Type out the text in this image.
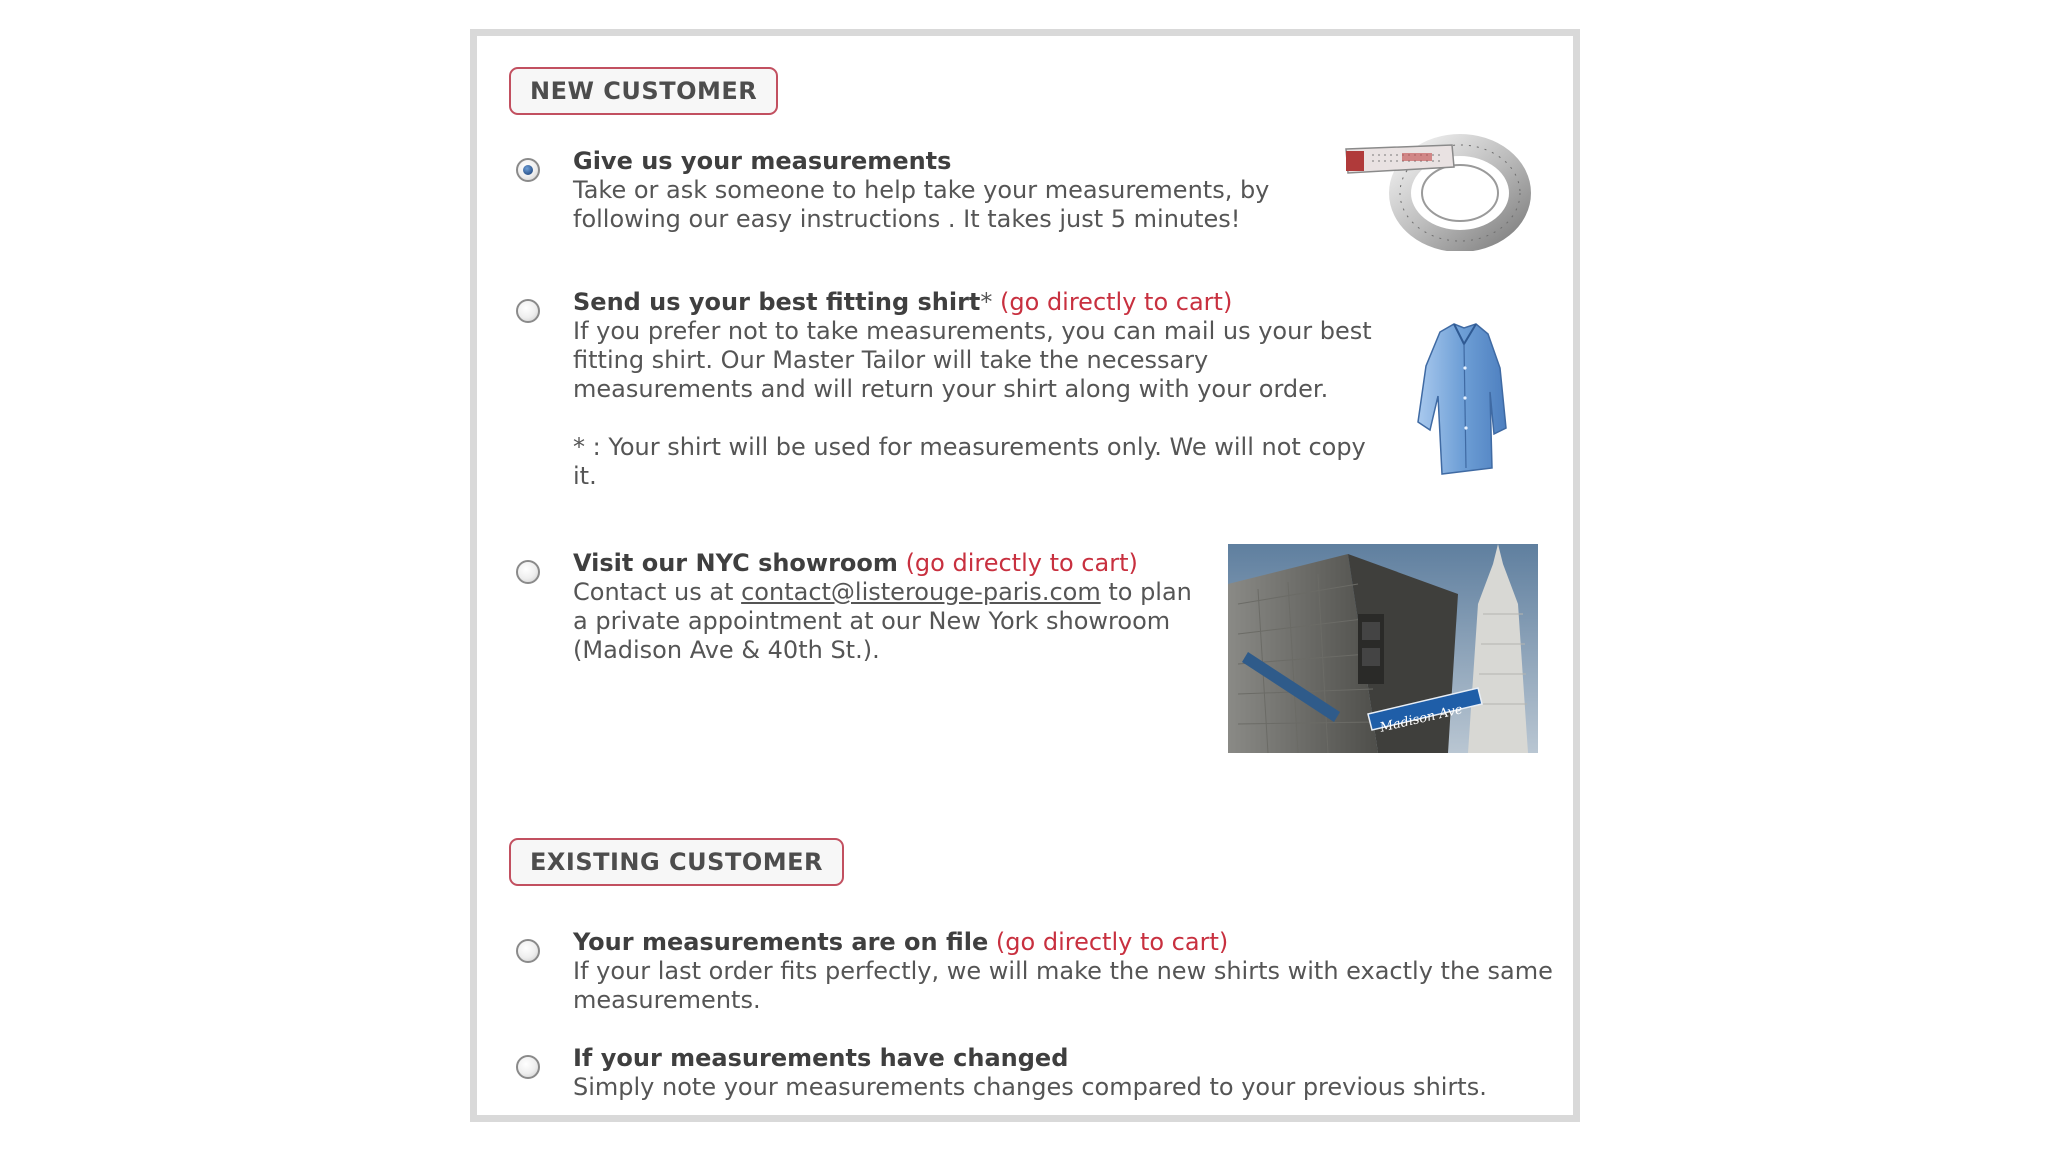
NEW CUSTOMER
Give us your measurements
Take or ask someone to help take your measurements, by following our easy instructions . It takes just 5 minutes!
Send us your best fitting shirt* (go directly to cart)
If you prefer not to take measurements, you can mail us your best fitting shirt. Our Master Tailor will take the necessary measurements and will return your shirt along with your order.
* : Your shirt will be used for measurements only. We will not copy it.
Visit our NYC showroom (go directly to cart)
Contact us at contact@listerouge-paris.com to plan a private appointment at our New York showroom (Madison Ave & 40th St.).
Madison Ave
EXISTING CUSTOMER
Your measurements are on file (go directly to cart)
If your last order fits perfectly, we will make the new shirts with exactly the same measurements.
If your measurements have changed
Simply note your measurements changes compared to your previous shirts.
